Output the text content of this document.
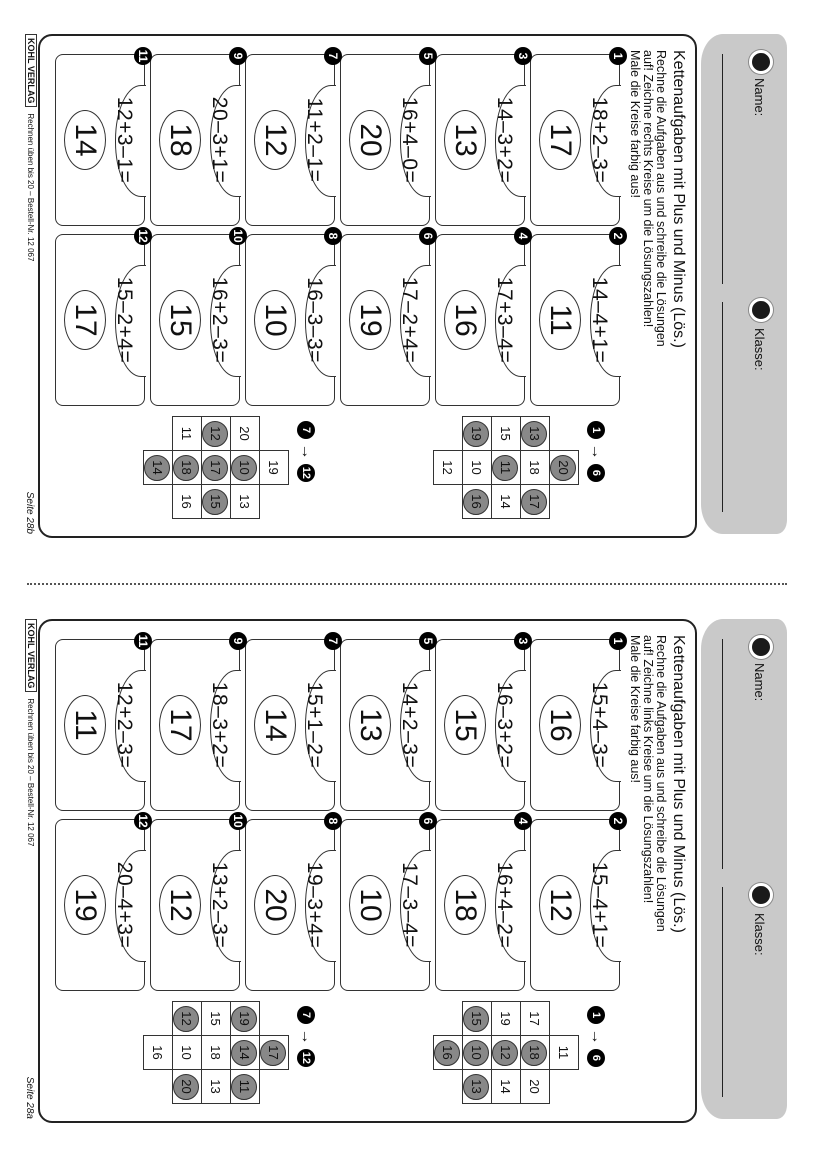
Name:
Klasse:
Kettenaufgaben mit Plus und Minus (Lös.)
Rechne die Aufgaben aus und schreibe die Lösungen
auf! Zeichne rechts Kreise um die Lösungszahlen!
Male die Kreise farbig aus!
1
18+2–3=
17
2
14–4+1=
11
3
14–3+2=
13
4
17+3–4=
16
5
16+4–0=
20
6
17–2+4=
19
7
11+2–1=
12
8
16–3–3=
10
9
20–3+1=
18
10
16+2–3=
15
11
12+3–1=
14
12
15–2+4=
17
1 → 6
20
13
18
17
15
11
14
19
10
16
12
7 → 12
19
20
10
13
12
17
15
11
18
16
14
KOHL VERLAGRechnen üben bis 20 – Bestell-Nr. 12 067
Seite 28b
Name:
Klasse:
Kettenaufgaben mit Plus und Minus (Lös.)
Rechne die Aufgaben aus und schreibe die Lösungen
auf! Zeichne links Kreise um die Lösungszahlen!
Male die Kreise farbig aus!
1
15+4–3=
16
2
15–4+1=
12
3
16–3+2=
15
4
16+4–2=
18
5
14+2–3=
13
6
17–3–4=
10
7
15+1–2=
14
8
19–3+4=
20
9
18–3+2=
17
10
13+2–3=
12
11
12+2–3=
11
12
20–4+3=
19
1 → 6
11
17
18
20
19
12
14
15
10
13
16
7 → 12
17
19
14
11
15
18
13
12
10
20
16
KOHL VERLAGRechnen üben bis 20 – Bestell-Nr. 12 067
Seite 28a
